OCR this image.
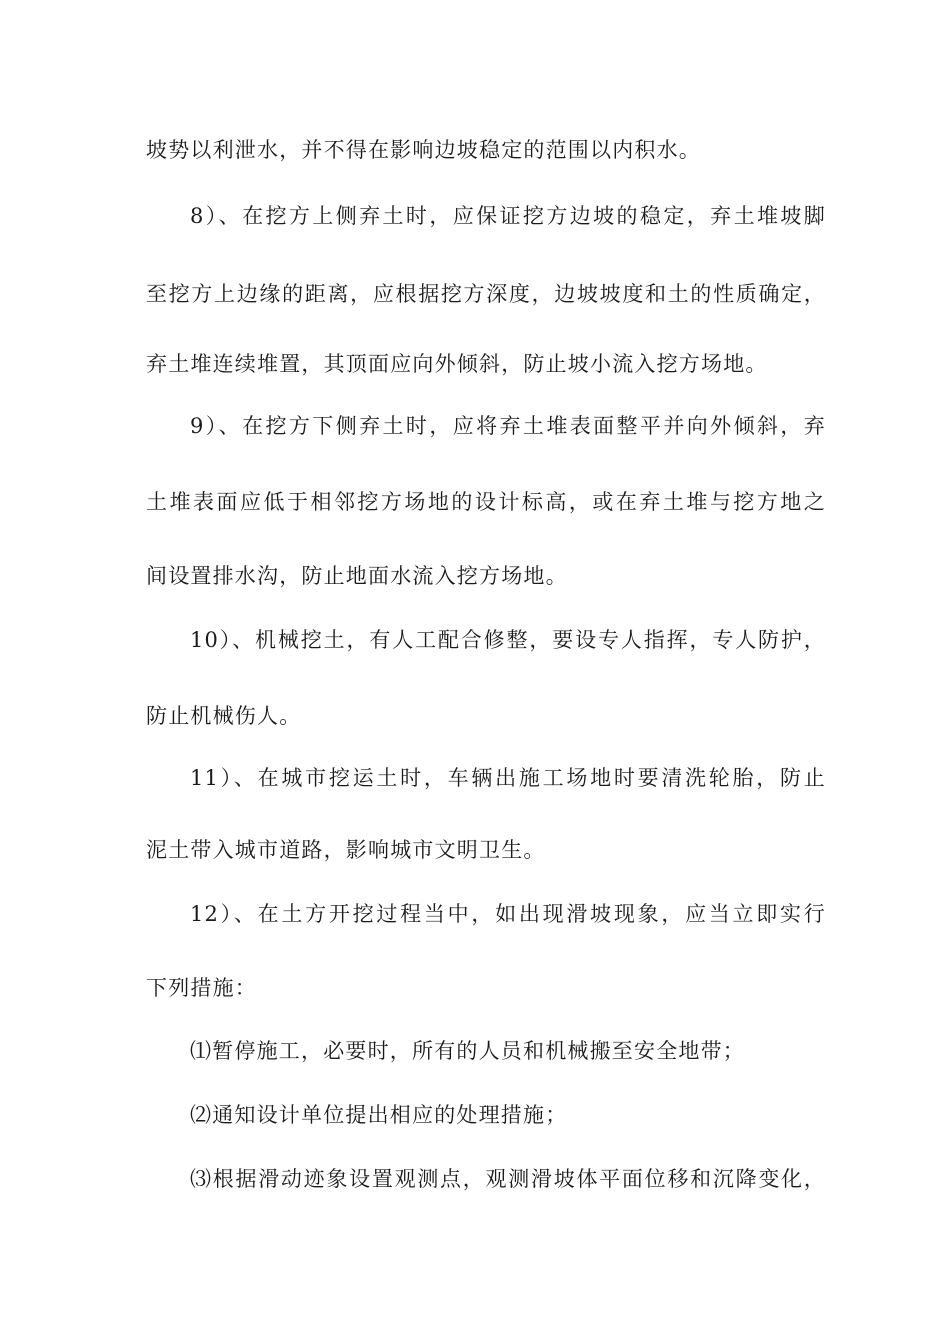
坡势以利泄水，并不得在影响边坡稳定的范围以内积水。
8）、在挖方上侧弃土时，应保证挖方边坡的稳定，弃土堆坡脚
至挖方上边缘的距离，应根据挖方深度，边坡坡度和土的性质确定，
弃土堆连续堆置，其顶面应向外倾斜，防止坡小流入挖方场地。
9）、在挖方下侧弃土时，应将弃土堆表面整平并向外倾斜，弃
土堆表面应低于相邻挖方场地的设计标高，或在弃土堆与挖方地之
间设置排水沟，防止地面水流入挖方场地。
10）、机械挖土，有人工配合修整，要设专人指挥，专人防护，
防止机械伤人。
11）、在城市挖运土时，车辆出施工场地时要清洗轮胎，防止
泥土带入城市道路，影响城市文明卫生。
12）、在土方开挖过程当中，如出现滑坡现象，应当立即实行
下列措施：
⑴暂停施工，必要时，所有的人员和机械搬至安全地带；
⑵通知设计单位提出相应的处理措施；
⑶根据滑动迹象设置观测点，观测滑坡体平面位移和沉降变化，
